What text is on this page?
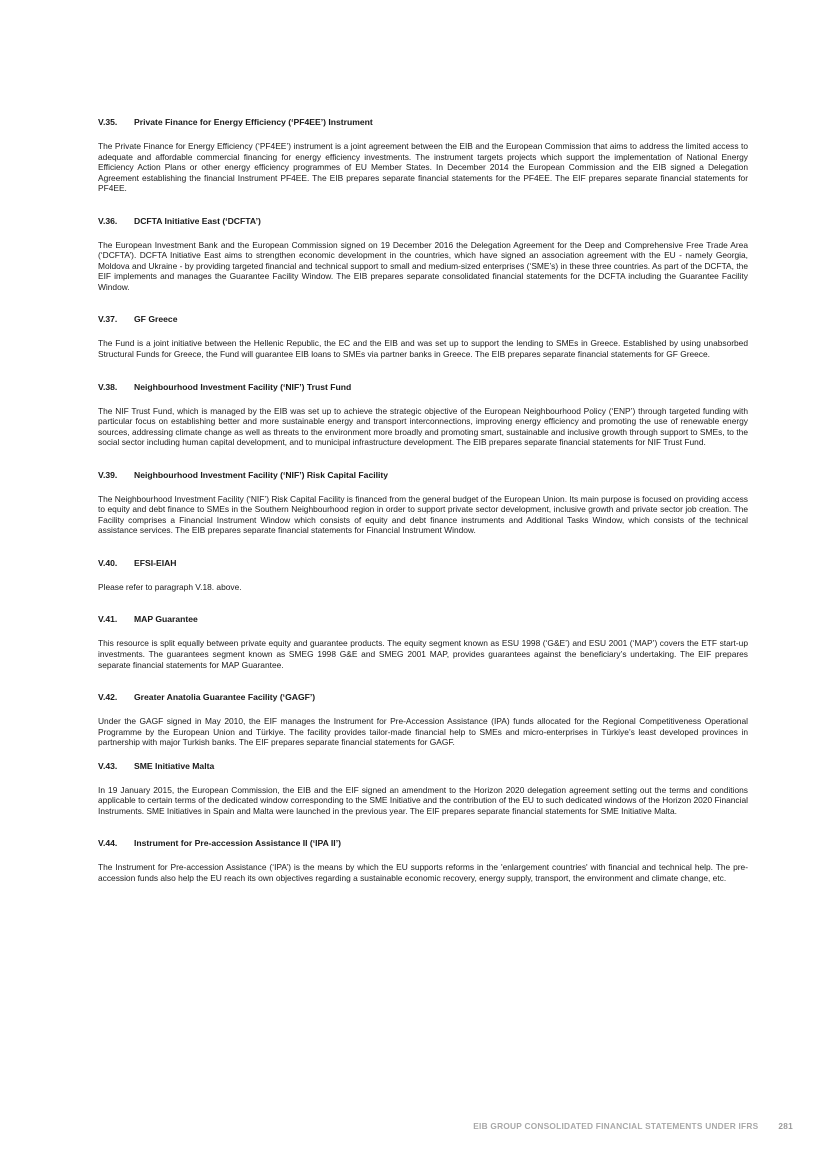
V.35. Private Finance for Energy Efficiency (‘PF4EE’) Instrument

The Private Finance for Energy Efficiency (‘PF4EE’) instrument is a joint agreement between the EIB and the European Commission that aims to address the limited access to adequate and affordable commercial financing for energy efficiency investments. The instrument targets projects which support the implementation of National Energy Efficiency Action Plans or other energy efficiency programmes of EU Member States. In December 2014 the European Commission and the EIB signed a Delegation Agreement establishing the financial Instrument PF4EE. The EIB prepares separate financial statements for the PF4EE. The EIF prepares separate financial statements for PF4EE.

V.36. DCFTA Initiative East (‘DCFTA’)

The European Investment Bank and the European Commission signed on 19 December 2016 the Delegation Agreement for the Deep and Comprehensive Free Trade Area (‘DCFTA’). DCFTA Initiative East aims to strengthen economic development in the countries, which have signed an association agreement with the EU - namely Georgia, Moldova and Ukraine - by providing targeted financial and technical support to small and medium-sized enterprises (‘SME’s) in these three countries. As part of the DCFTA, the EIF implements and manages the Guarantee Facility Window. The EIB prepares separate consolidated financial statements for the DCFTA including the Guarantee Facility Window.

V.37. GF Greece

The Fund is a joint initiative between the Hellenic Republic, the EC and the EIB and was set up to support the lending to SMEs in Greece. Established by using unabsorbed Structural Funds for Greece, the Fund will guarantee EIB loans to SMEs via partner banks in Greece. The EIB prepares separate financial statements for GF Greece.

V.38. Neighbourhood Investment Facility (‘NIF’) Trust Fund

The NIF Trust Fund, which is managed by the EIB was set up to achieve the strategic objective of the European Neighbourhood Policy (‘ENP’) through targeted funding with particular focus on establishing better and more sustainable energy and transport interconnections, improving energy efficiency and promoting the use of renewable energy sources, addressing climate change as well as threats to the environment more broadly and promoting smart, sustainable and inclusive growth through support to SMEs, to the social sector including human capital development, and to municipal infrastructure development. The EIB prepares separate financial statements for NIF Trust Fund.

V.39. Neighbourhood Investment Facility (‘NIF’) Risk Capital Facility

The Neighbourhood Investment Facility (‘NIF’) Risk Capital Facility is financed from the general budget of the European Union. Its main purpose is focused on providing access to equity and debt finance to SMEs in the Southern Neighbourhood region in order to support private sector development, inclusive growth and private sector job creation. The Facility comprises a Financial Instrument Window which consists of equity and debt finance instruments and Additional Tasks Window, which consists of the technical assistance services. The EIB prepares separate financial statements for Financial Instrument Window.

V.40. EFSI-EIAH

Please refer to paragraph V.18. above.

V.41. MAP Guarantee

This resource is split equally between private equity and guarantee products. The equity segment known as ESU 1998 (‘G&E’) and ESU 2001 (‘MAP’) covers the ETF start-up investments. The guarantees segment known as SMEG 1998 G&E and SMEG 2001 MAP, provides guarantees against the beneficiary’s undertaking. The EIF prepares separate financial statements for MAP Guarantee.

V.42. Greater Anatolia Guarantee Facility (‘GAGF’)

Under the GAGF signed in May 2010, the EIF manages the Instrument for Pre-Accession Assistance (IPA) funds allocated for the Regional Competitiveness Operational Programme by the European Union and Türkiye. The facility provides tailor-made financial help to SMEs and micro-enterprises in Türkiye’s least developed provinces in partnership with major Turkish banks. The EIF prepares separate financial statements for GAGF.

V.43. SME Initiative Malta

In 19 January 2015, the European Commission, the EIB and the EIF signed an amendment to the Horizon 2020 delegation agreement setting out the terms and conditions applicable to certain terms of the dedicated window corresponding to the SME Initiative and the contribution of the EU to such dedicated windows of the Horizon 2020 Financial Instruments. SME Initiatives in Spain and Malta were launched in the previous year. The EIF prepares separate financial statements for SME Initiative Malta.

V.44. Instrument for Pre-accession Assistance II (‘IPA II’)

The Instrument for Pre-accession Assistance (‘IPA’) is the means by which the EU supports reforms in the 'enlargement countries' with financial and technical help. The pre-accession funds also help the EU reach its own objectives regarding a sustainable economic recovery, energy supply, transport, the environment and climate change, etc.

EIB GROUP CONSOLIDATED FINANCIAL STATEMENTS UNDER IFRS 281
